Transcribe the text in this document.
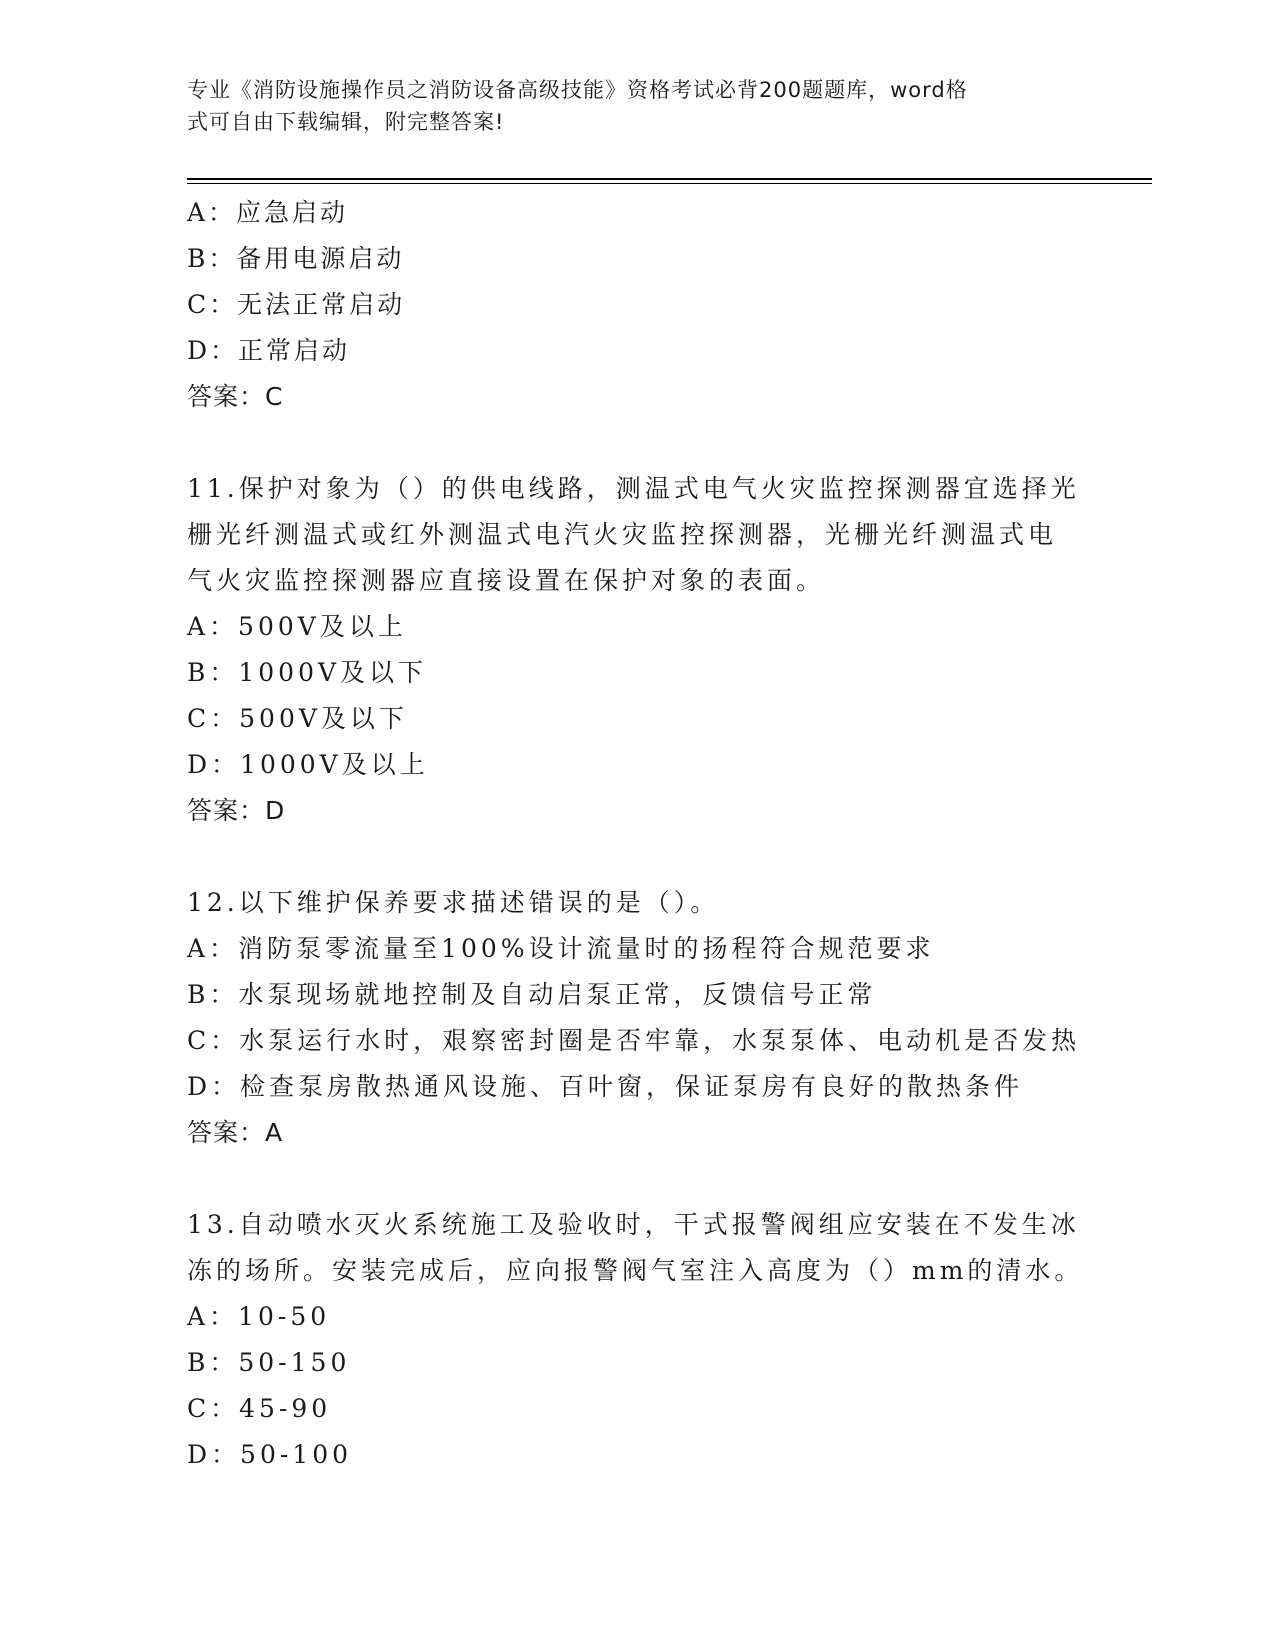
专业《消防设施操作员之消防设备高级技能》资格考试必背200题题库，word格
式可自由下载编辑，附完整答案!
A：应急启动
B：备用电源启动
C：无法正常启动
D：正常启动
答案：C
11.保护对象为（）的供电线路，测温式电气火灾监控探测器宜选择光
栅光纤测温式或红外测温式电汽火灾监控探测器，光栅光纤测温式电
气火灾监控探测器应直接设置在保护对象的表面。
A：500V及以上
B：1000V及以下
C：500V及以下
D：1000V及以上
答案：D
12.以下维护保养要求描述错误的是（）。
A：消防泵零流量至100%设计流量时的扬程符合规范要求
B：水泵现场就地控制及自动启泵正常，反馈信号正常
C：水泵运行水时，艰察密封圈是否牢靠，水泵泵体、电动机是否发热
D：检查泵房散热通风设施、百叶窗，保证泵房有良好的散热条件
答案：A
13.自动喷水灭火系统施工及验收时，干式报警阀组应安装在不发生冰
冻的场所。安装完成后，应向报警阀气室注入高度为（）mm的清水。
A：10-50
B：50-150
C：45-90
D：50-100
